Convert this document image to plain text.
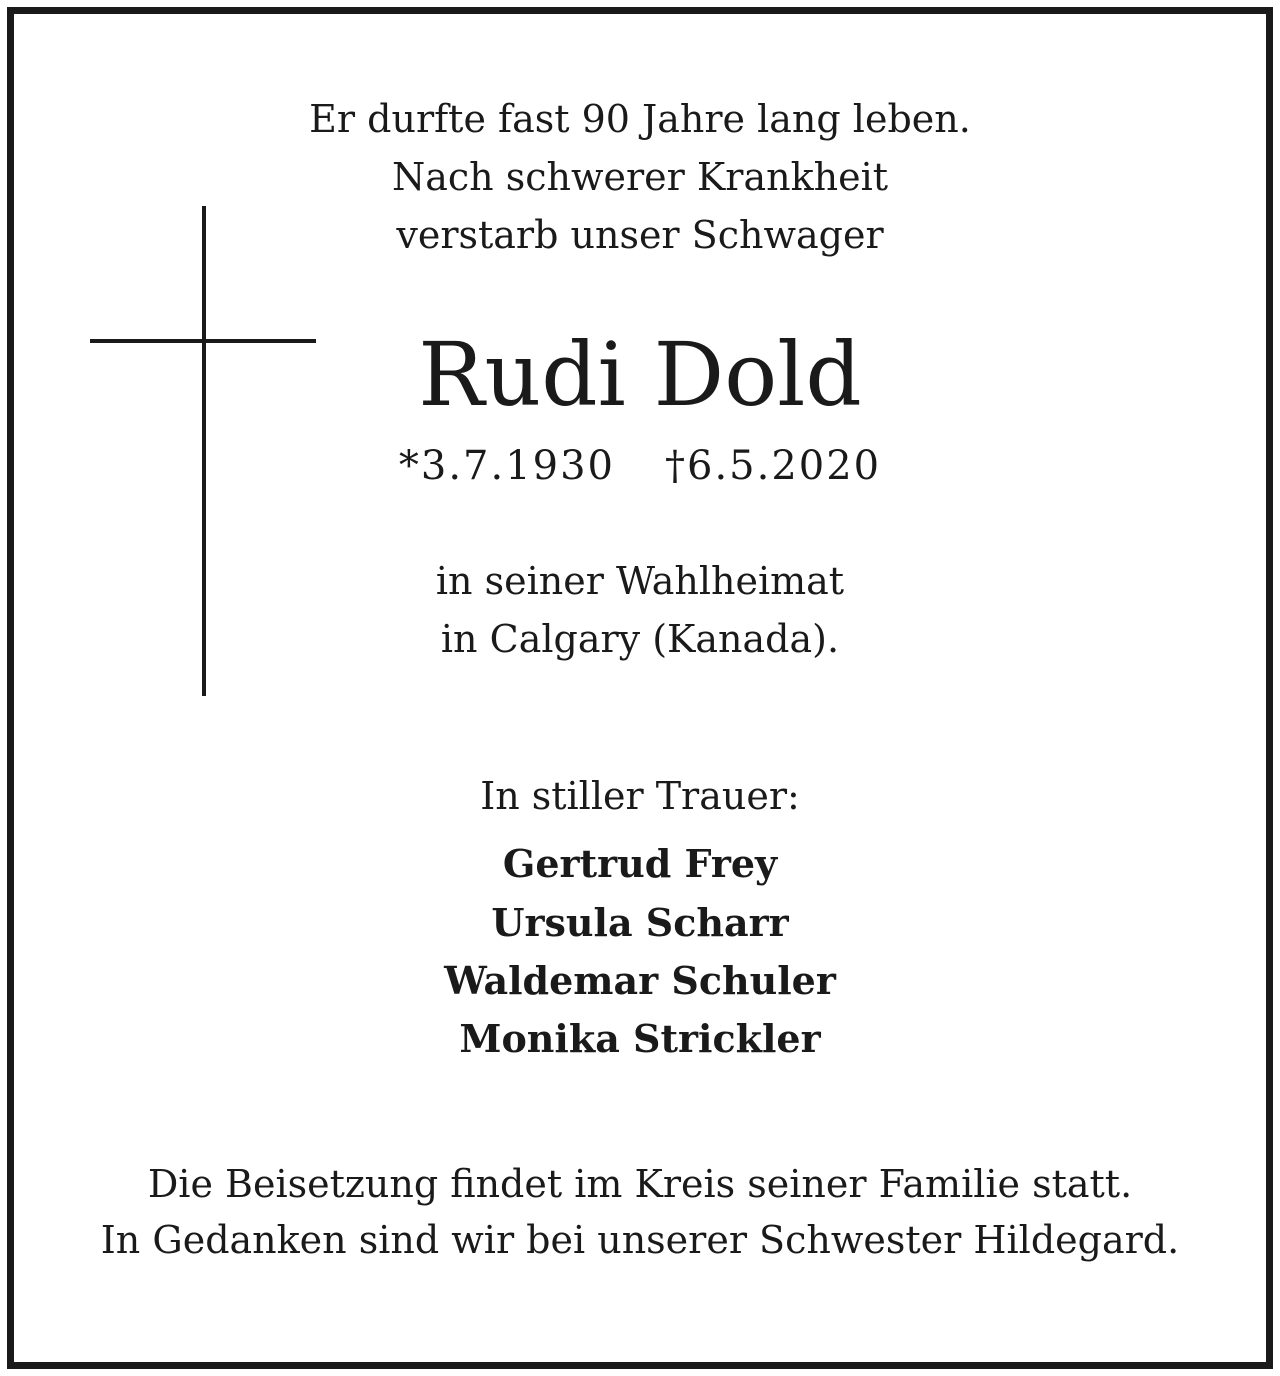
Er durfte fast 90 Jahre lang leben.
Nach schwerer Krankheit
verstarb unser Schwager
Rudi Dold
*3.7.1930 †6.5.2020
in seiner Wahlheimat
in Calgary (Kanada).
In stiller Trauer:
Gertrud Frey
Ursula Scharr
Waldemar Schuler
Monika Strickler
Die Beisetzung findet im Kreis seiner Familie statt.
In Gedanken sind wir bei unserer Schwester Hildegard.
